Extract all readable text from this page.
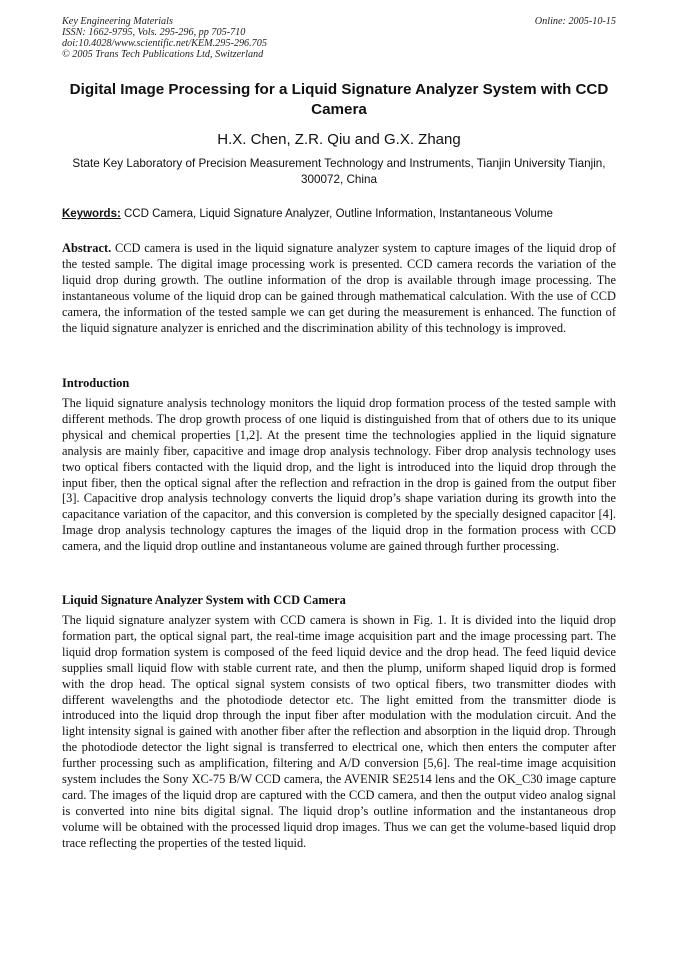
Key Engineering Materials	Online: 2005-10-15
ISSN: 1662-9795, Vols. 295-296, pp 705-710
doi:10.4028/www.scientific.net/KEM.295-296.705
© 2005 Trans Tech Publications Ltd, Switzerland
Digital Image Processing for a Liquid Signature Analyzer System with CCD Camera
H.X. Chen, Z.R. Qiu and G.X. Zhang
State Key Laboratory of Precision Measurement Technology and Instruments, Tianjin University Tianjin, 300072, China
Keywords: CCD Camera, Liquid Signature Analyzer, Outline Information, Instantaneous Volume
Abstract. CCD camera is used in the liquid signature analyzer system to capture images of the liquid drop of the tested sample. The digital image processing work is presented. CCD camera records the variation of the liquid drop during growth. The outline information of the drop is available through image processing. The instantaneous volume of the liquid drop can be gained through mathematical calculation. With the use of CCD camera, the information of the tested sample we can get during the measurement is enhanced. The function of the liquid signature analyzer is enriched and the discrimination ability of this technology is improved.
Introduction
The liquid signature analysis technology monitors the liquid drop formation process of the tested sample with different methods. The drop growth process of one liquid is distinguished from that of others due to its unique physical and chemical properties [1,2]. At the present time the technologies applied in the liquid signature analysis are mainly fiber, capacitive and image drop analysis technology. Fiber drop analysis technology uses two optical fibers contacted with the liquid drop, and the light is introduced into the liquid drop through the input fiber, then the optical signal after the reflection and refraction in the drop is gained from the output fiber [3]. Capacitive drop analysis technology converts the liquid drop’s shape variation during its growth into the capacitance variation of the capacitor, and this conversion is completed by the specially designed capacitor [4]. Image drop analysis technology captures the images of the liquid drop in the formation process with CCD camera, and the liquid drop outline and instantaneous volume are gained through further processing.
Liquid Signature Analyzer System with CCD Camera
The liquid signature analyzer system with CCD camera is shown in Fig. 1. It is divided into the liquid drop formation part, the optical signal part, the real-time image acquisition part and the image processing part. The liquid drop formation system is composed of the feed liquid device and the drop head. The feed liquid device supplies small liquid flow with stable current rate, and then the plump, uniform shaped liquid drop is formed with the drop head. The optical signal system consists of two optical fibers, two transmitter diodes with different wavelengths and the photodiode detector etc. The light emitted from the transmitter diode is introduced into the liquid drop through the input fiber after modulation with the modulation circuit. And the light intensity signal is gained with another fiber after the reflection and absorption in the liquid drop. Through the photodiode detector the light signal is transferred to electrical one, which then enters the computer after further processing such as amplification, filtering and A/D conversion [5,6]. The real-time image acquisition system includes the Sony XC-75 B/W CCD camera, the AVENIR SE2514 lens and the OK_C30 image capture card. The images of the liquid drop are captured with the CCD camera, and then the output video analog signal is converted into nine bits digital signal. The liquid drop’s outline information and the instantaneous drop volume will be obtained with the processed liquid drop images. Thus we can get the volume-based liquid drop trace reflecting the properties of the tested liquid.
